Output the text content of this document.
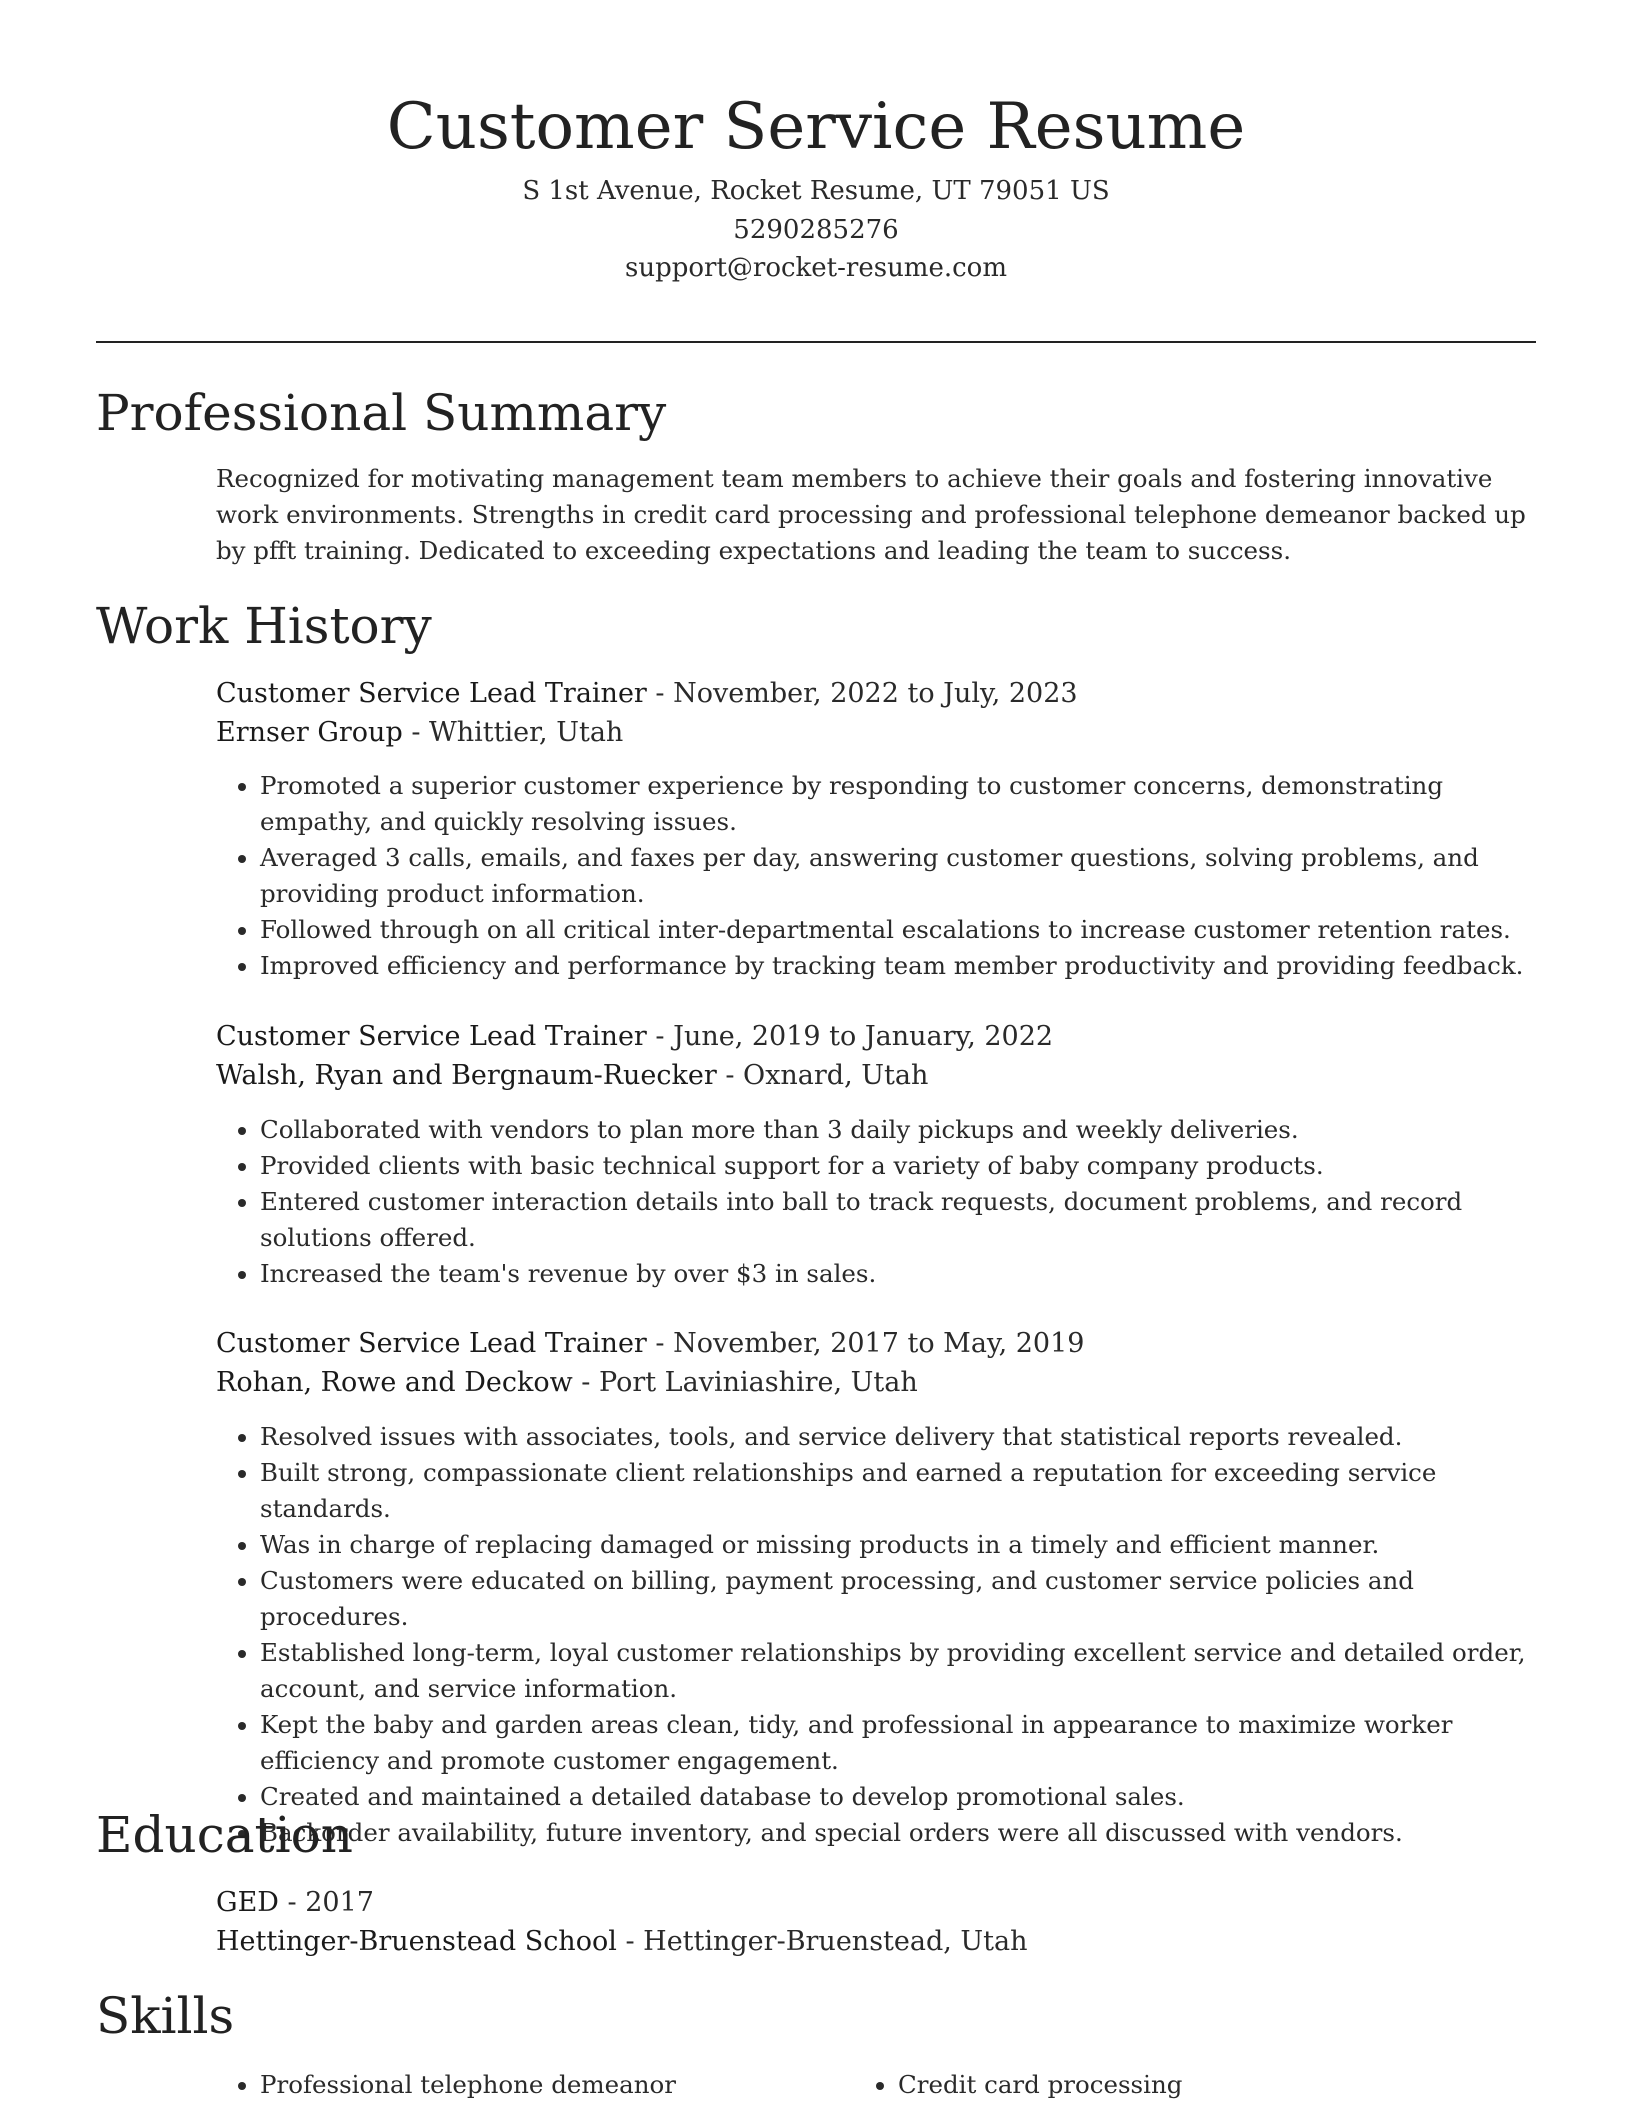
Customer Service Resume
S 1st Avenue, Rocket Resume, UT 79051 US
5290285276
support@rocket-resume.com
Professional Summary
Recognized for motivating management team members to achieve their goals and fostering innovative work environments. Strengths in credit card processing and professional telephone demeanor backed up by pfft training. Dedicated to exceeding expectations and leading the team to success.
Work History
Customer Service Lead Trainer - November, 2022 to July, 2023
Ernser Group - Whittier, Utah
• Promoted a superior customer experience by responding to customer concerns, demonstrating empathy, and quickly resolving issues.
• Averaged 3 calls, emails, and faxes per day, answering customer questions, solving problems, and providing product information.
• Followed through on all critical inter-departmental escalations to increase customer retention rates.
• Improved efficiency and performance by tracking team member productivity and providing feedback.
Customer Service Lead Trainer - June, 2019 to January, 2022
Walsh, Ryan and Bergnaum-Ruecker - Oxnard, Utah
• Collaborated with vendors to plan more than 3 daily pickups and weekly deliveries.
• Provided clients with basic technical support for a variety of baby company products.
• Entered customer interaction details into ball to track requests, document problems, and record solutions offered.
• Increased the team's revenue by over $3 in sales.
Customer Service Lead Trainer - November, 2017 to May, 2019
Rohan, Rowe and Deckow - Port Laviniashire, Utah
• Resolved issues with associates, tools, and service delivery that statistical reports revealed.
• Built strong, compassionate client relationships and earned a reputation for exceeding service standards.
• Was in charge of replacing damaged or missing products in a timely and efficient manner.
• Customers were educated on billing, payment processing, and customer service policies and procedures.
• Established long-term, loyal customer relationships by providing excellent service and detailed order, account, and service information.
• Kept the baby and garden areas clean, tidy, and professional in appearance to maximize worker efficiency and promote customer engagement.
• Created and maintained a detailed database to develop promotional sales.
• Backorder availability, future inventory, and special orders were all discussed with vendors.
Education
GED - 2017
Hettinger-Bruenstead School - Hettinger-Bruenstead, Utah
Skills
• Professional telephone demeanor
•	Credit card processing
